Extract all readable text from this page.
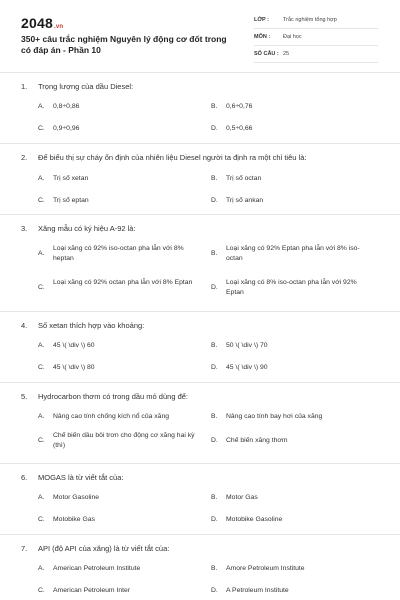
2048.vn
350+ câu trắc nghiệm Nguyên lý động cơ đốt trong có đáp án - Phần 10
LỚP :	Trắc nghiệm tổng hợp
MÔN : Đại học
SỐ CÂU : 25
1. Trọng lượng của dầu Diesel:
A. 0,8÷0,86	B. 0,6÷0,76
C. 0,9÷0,96	D. 0,5÷0,66
2. Để biểu thị sự cháy ổn định của nhiên liệu Diesel người ta định ra một chỉ tiêu là:
A. Trị số xetan	B. Trị số octan
C. Trị số eptan	D. Trị số ankan
3. Xăng mẫu có ký hiệu A-92 là:
A.
Loại xăng có 92% iso-octan pha lẫn với 8% heptan
B.
Loại xăng có 92% Eptan pha lẫn với 8% iso-octan
C.
Loại xăng có 92% octan pha lẫn với 8% Eptan
D.
Loại xăng có 8% iso-octan pha lẫn với 92% Eptan
4. Số xetan thích hợp vào khoảng:
A. 45 \( \div \) 60	B. 50 \( \div \) 70
C. 45 \( \div \) 80	D. 45 \( \div \) 90
5. Hydrocarbon thơm có trong dầu mỏ dùng để:
A. Nâng cao tính chống kích nổ của xăng	B. Nâng cao tính bay hơi của xăng
C.
Chế biến dầu bôi trơn cho động cơ xăng hai kỳ (thì)
D. Chế biến xăng thơm
6. MOGAS là từ viết tắt của:
A. Motor Gasoline	B. Motor Gas
C. Motobike Gas	D. Motobike Gasoline
7. API (độ API của xăng) là từ viết tắt của:
A. American Petroleum Institute	B. Amore Petroleum Institute
C. American Petroleum Inter	D. A Petroleum Institute
